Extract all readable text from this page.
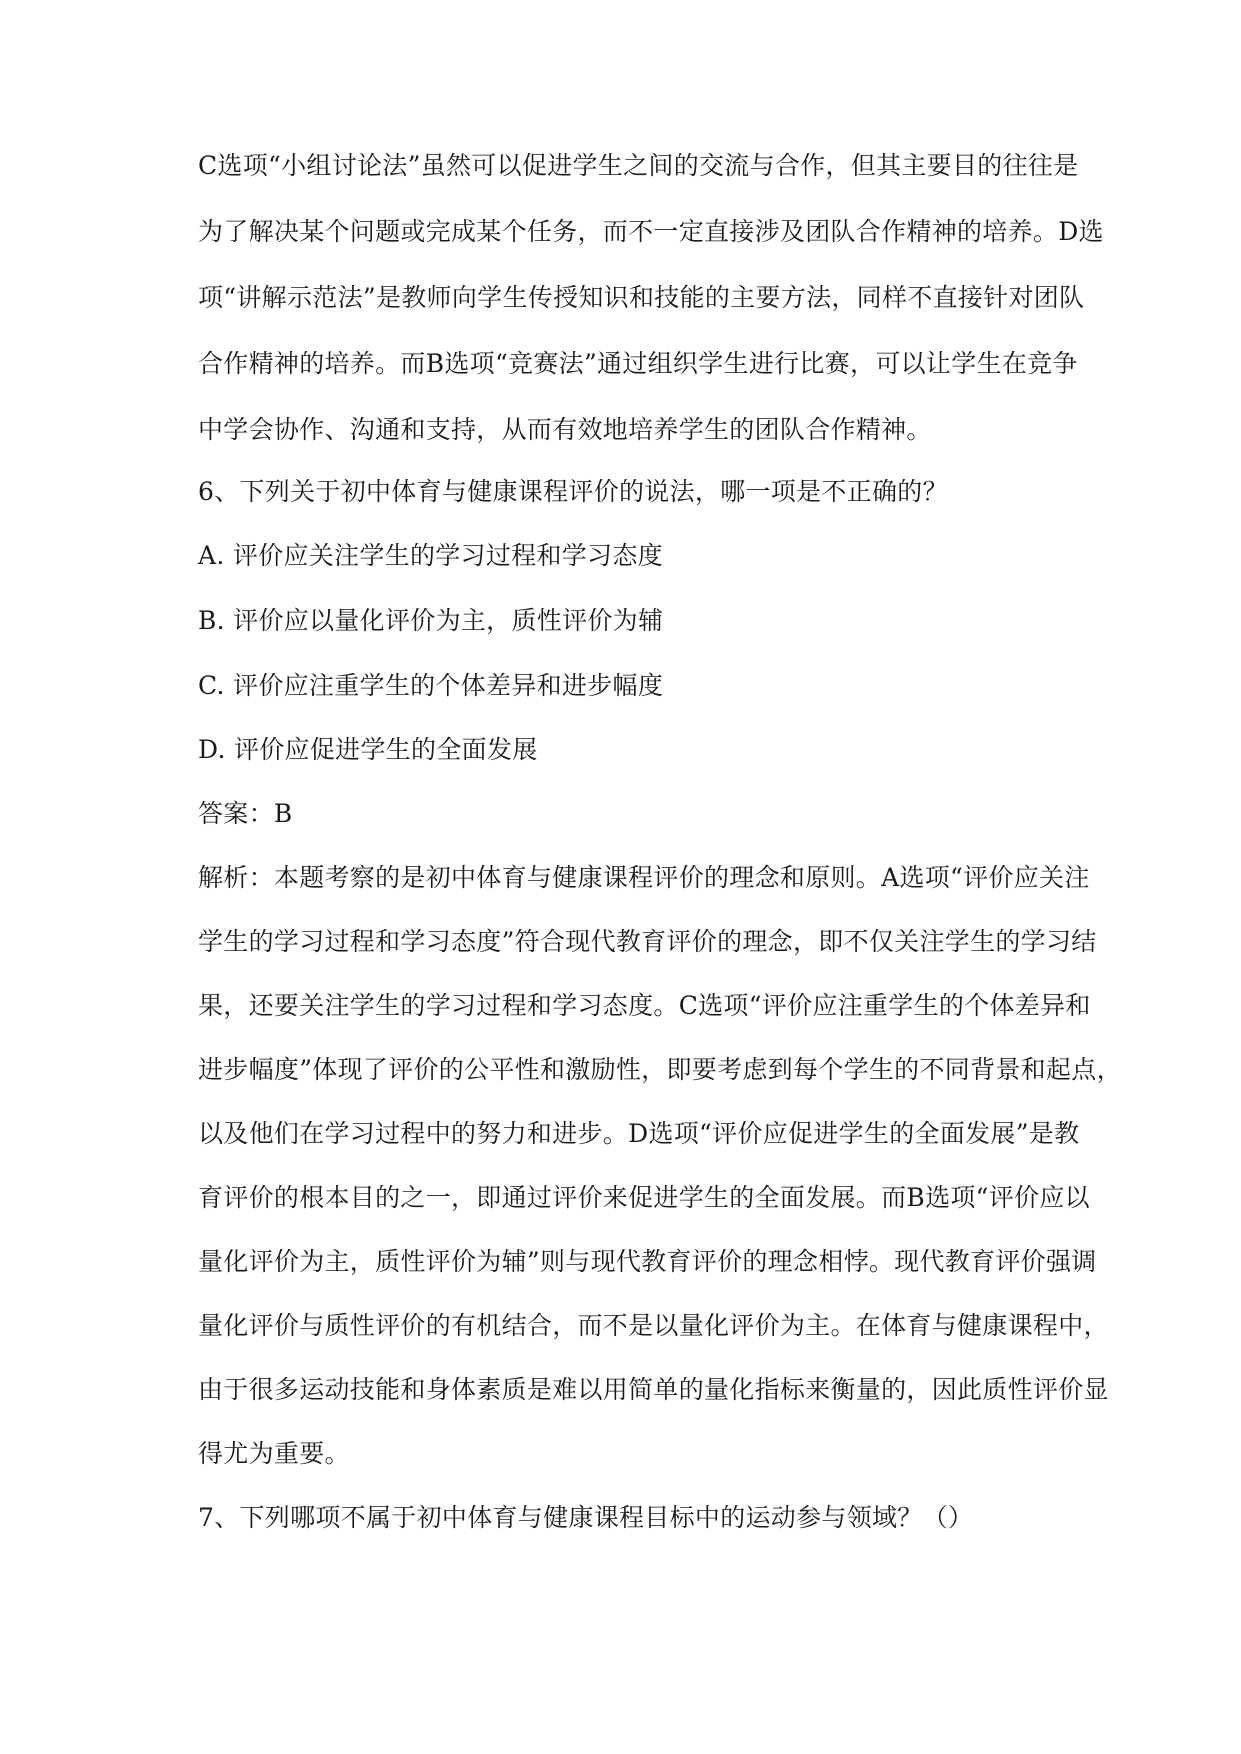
C选项“小组讨论法”虽然可以促进学生之间的交流与合作，但其主要目的往往是
为了解决某个问题或完成某个任务，而不一定直接涉及团队合作精神的培养。D选
项“讲解示范法”是教师向学生传授知识和技能的主要方法，同样不直接针对团队
合作精神的培养。而B选项“竞赛法”通过组织学生进行比赛，可以让学生在竞争
中学会协作、沟通和支持，从而有效地培养学生的团队合作精神。
6、下列关于初中体育与健康课程评价的说法，哪一项是不正确的？
A. 评价应关注学生的学习过程和学习态度
B. 评价应以量化评价为主，质性评价为辅
C. 评价应注重学生的个体差异和进步幅度
D. 评价应促进学生的全面发展
答案：B
解析：本题考察的是初中体育与健康课程评价的理念和原则。A选项“评价应关注
学生的学习过程和学习态度”符合现代教育评价的理念，即不仅关注学生的学习结
果，还要关注学生的学习过程和学习态度。C选项“评价应注重学生的个体差异和
进步幅度”体现了评价的公平性和激励性，即要考虑到每个学生的不同背景和起点，
以及他们在学习过程中的努力和进步。D选项“评价应促进学生的全面发展”是教
育评价的根本目的之一，即通过评价来促进学生的全面发展。而B选项“评价应以
量化评价为主，质性评价为辅”则与现代教育评价的理念相悖。现代教育评价强调
量化评价与质性评价的有机结合，而不是以量化评价为主。在体育与健康课程中，
由于很多运动技能和身体素质是难以用简单的量化指标来衡量的，因此质性评价显
得尤为重要。
7、下列哪项不属于初中体育与健康课程目标中的运动参与领域？（）
